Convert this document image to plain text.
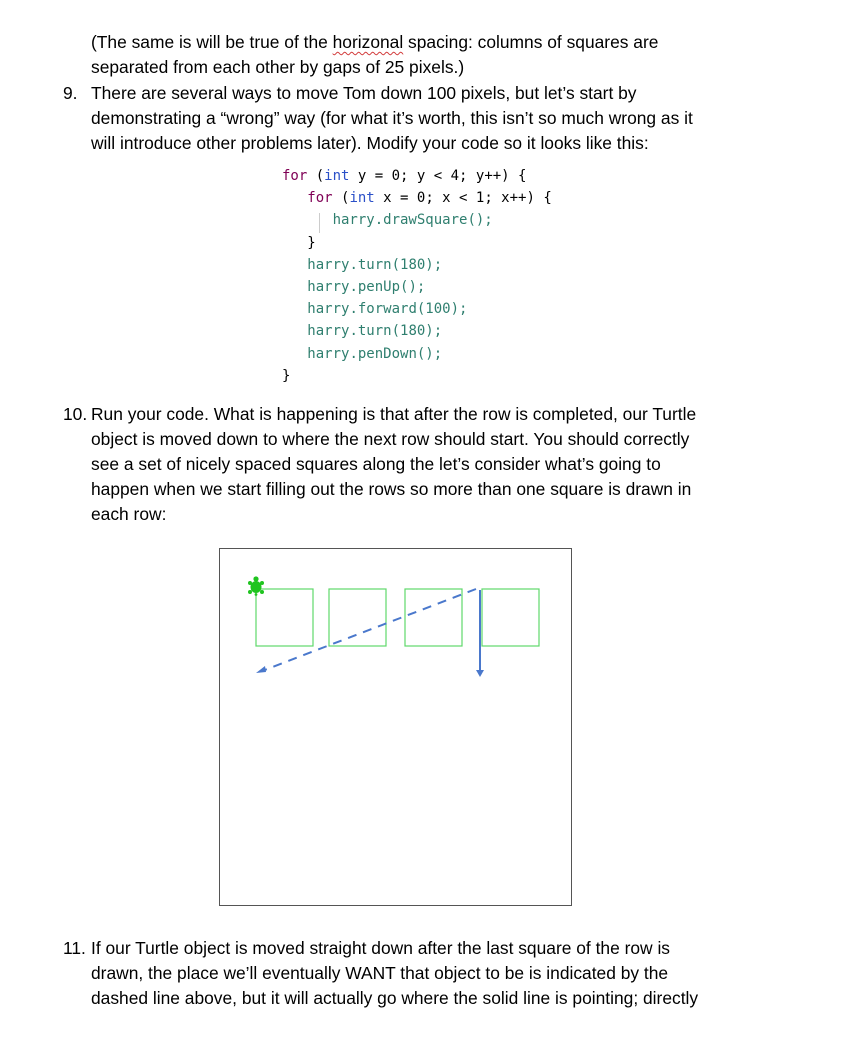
(The same is will be true of the horizonal spacing: columns of squares are
separated from each other by gaps of 25 pixels.)
9. There are several ways to move Tom down 100 pixels, but let’s start by
demonstrating a “wrong” way (for what it’s worth, this isn’t so much wrong as it
will introduce other problems later). Modify your code so it looks like this:
for (int y = 0; y < 4; y++) {
for (int x = 0; x < 1; x++) {
harry.drawSquare();
}
harry.turn(180);
harry.penUp();
harry.forward(100);
harry.turn(180);
harry.penDown();
}
10. Run your code. What is happening is that after the row is completed, our Turtle
object is moved down to where the next row should start. You should correctly
see a set of nicely spaced squares along the let’s consider what’s going to
happen when we start filling out the rows so more than one square is drawn in
each row:
11. If our Turtle object is moved straight down after the last square of the row is
drawn, the place we’ll eventually WANT that object to be is indicated by the
dashed line above, but it will actually go where the solid line is pointing; directly
